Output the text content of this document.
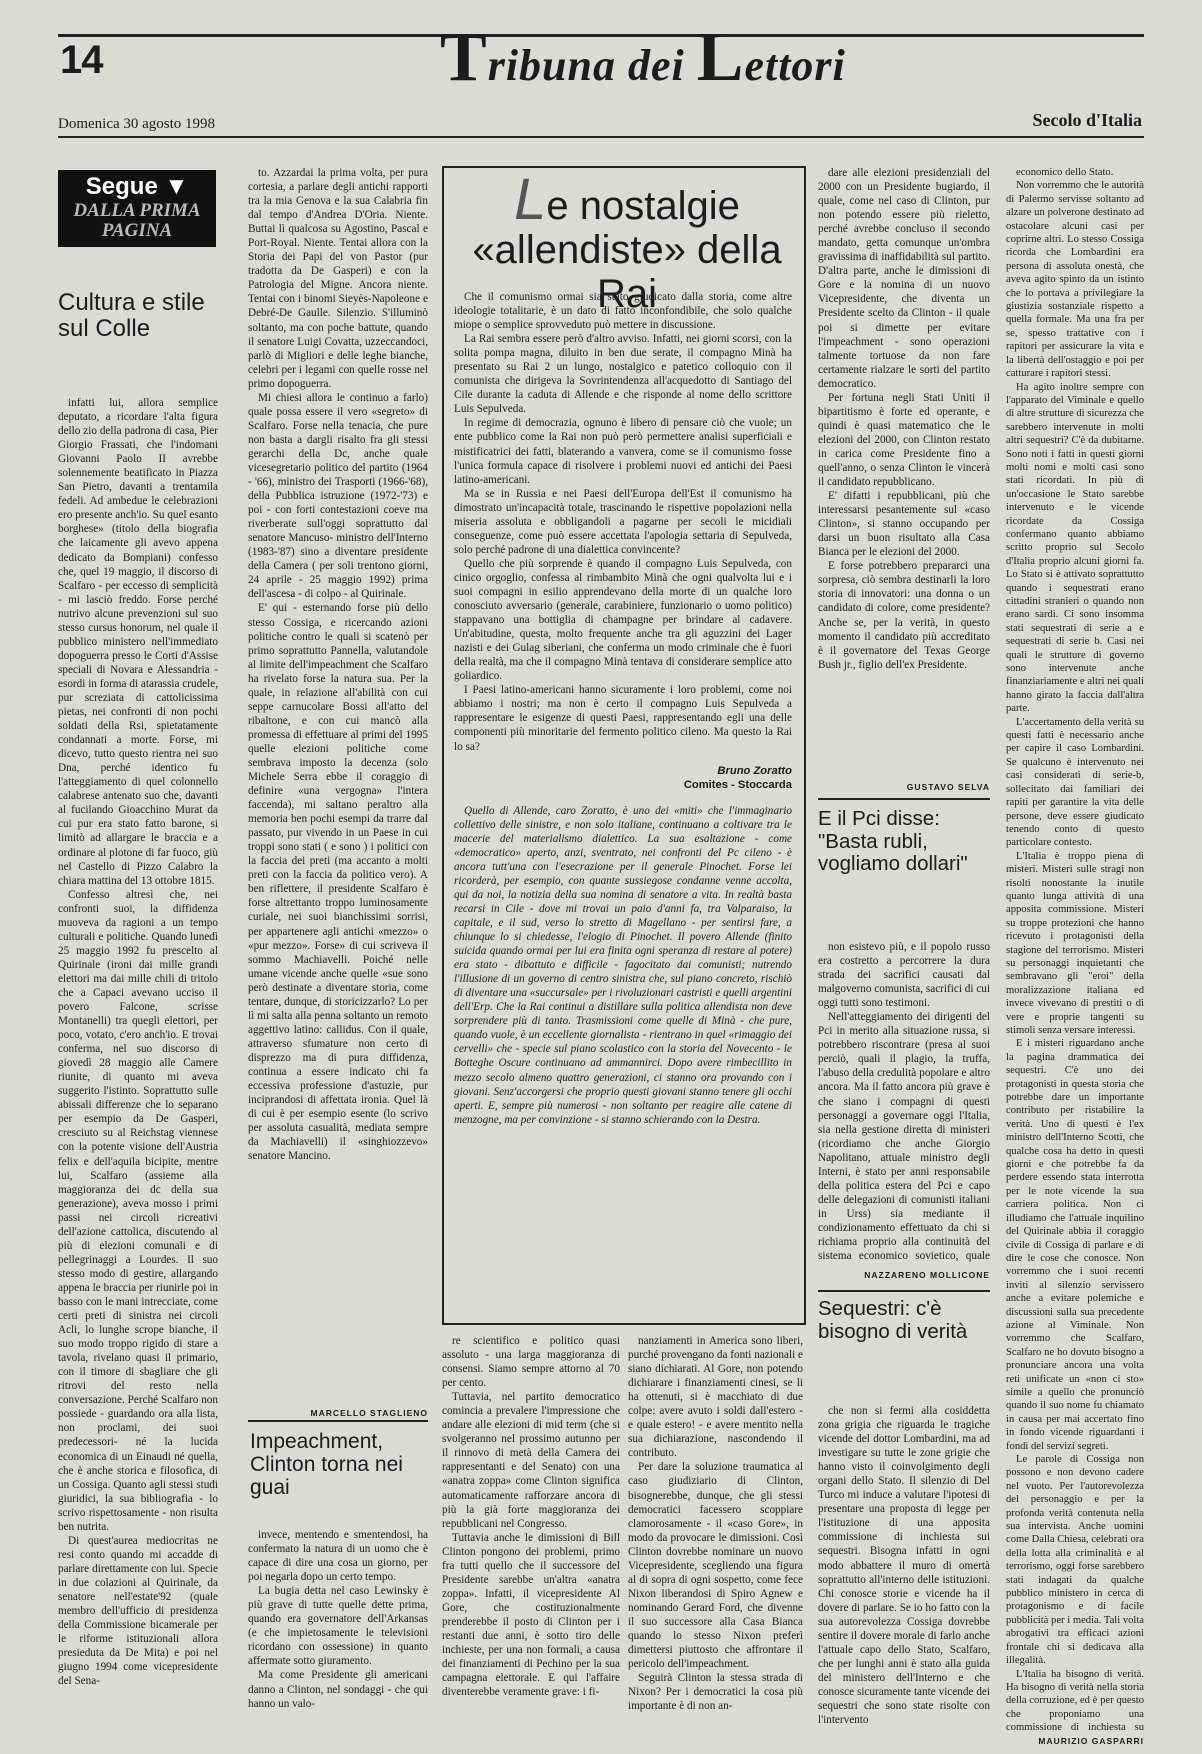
14	Tribuna dei Lettori
Domenica 30 agosto 1998	Secolo d'Italia
Segue ▼
DALLA PRIMA PAGINA
Cultura e stile sul Colle

infatti lui, allora semplice deputato, a ricordare l'alta figura dello zio della padrona di casa, Pier Giorgio Frassati, che l'indomani Giovanni Paolo II avrebbe solennemente beatificato in Piazza San Pietro, davanti a trentamila fedeli. Ad ambedue le celebrazioni ero presente anch'io. Su quel esanto borghese» (titolo della biografia che laicamente gli avevo appena dedicato da Bompiani) confesso che, quel 19 maggio, il discorso di Scalfaro - per eccesso di semplicità - mi lasciò freddo. Forse perché nutrivo alcune prevenzioni sul suo stesso cursus honorum, nel quale il pubblico ministero nell'immediato dopoguerra presso le Corti d'Assise speciali di Novara e Alessandria - esordi in forma di atarassia crudele, pur screziata di cattolicissima pietas, nei confronti di non pochi soldati della Rsi, spietatamente condannati a morte. Forse, mi dicevo, tutto questo rientra nei suo Dna, perché identico fu l'atteggiamento di quel colonnello calabrese antenato suo che, davanti al fucilando Gioacchino Murat da cui pur era stato fatto barone, si limitò ad allargare le braccia e a ordinare al plotone di far fuoco, giù nel Castello di Pizzo Calabro la chiara mattina del 13 ottobre 1815.

Confesso altresì che, nei confronti suoi, la diffidenza muoveva da ragioni a un tempo culturali e politiche. Quando lunedì 25 maggio 1992 fu prescelto al Quirinale (ironi dai mille grandi elettori ma dai mille chili di tritolo che a Capaci avevano ucciso il povero Falcone, scrisse Montanelli) tra quegli elettori, per poco, votato, c'ero anch'io. E trovai conferma, nel suo discorso di giovedì 28 maggio alle Camere riunite, di quanto mi aveva suggerito l'istinto. Soprattutto sulle abissali differenze che lo separano per esempio da De Gasperi, cresciuto su al Reichstag viennese con la potente visione dell'Austria felix e dell'aquila bicipite, mentre lui, Scalfaro (assieme alla maggioranza dei dc della sua generazione), aveva mosso i primi passi nei circoli ricreativi dell'azione cattolica, discutendo al più di elezioni comunali e di pellegrinaggi a Lourdes. Il suo stesso modo di gestire, allargando appena le braccia per riunirle poi in basso con le mani intrecciate, come certi preti di sinistra nei circoli Acli, lo lunghe scrope bianche, il suo modo troppo rigido di stare a tavola, rivelano quasi il primario, con il timore di sbagliare che gli ritrovi del resto nella conversazione. Perché Scalfaro non possiede - guardando ora alla lista, non proclami, dei suoi predecessori- né la lucida economica di un Einaudi né quella, che è anche storica e filosofica, di un Cossiga. Quanto agli stessi studi giuridici, la sua bibliografia - lo scrivo rispettosamente - non risulta ben nutrita.

Di quest'aurea mediocritas ne resi conto quando mi accadde di parlare direttamente con lui. Specie in due colazioni al Quirinale, da senatore nell'estate'92 (quale membro dell'ufficio di presidenza della Commissione bicamerale per le riforme istituzionali allora presieduta da De Mita) e poi nel giugno 1994 come vicepresidente del Sena-

to. Azzardai la prima volta, per pura cortesia, a parlare degli antichi rapporti tra la mia Genova e la sua Calabria fin dal tempo d'Andrea D'Oria. Niente. Buttai lì qualcosa su Agostino, Pascal e Port-Royal. Niente. Tentai allora con la Storia dei Papi del von Pastor (pur tradotta da De Gasperi) e con la Patrologia del Migne. Ancora niente. Tentai con i binomi Sieyès-Napoleone e Debré-De Gaulle. Silenzio. S'illuminò soltanto, ma con poche battute, quando il senatore Luigi Covatta, uzzeccandoci, parlò di Migliori e delle leghe bianche, celebri per i legami con quelle rosse nel primo dopoguerra.

Mi chiesi allora le continuo a farlo) quale possa essere il vero «segreto» di Scalfaro. Forse nella tenacia, che pure non basta a dargli risalto fra gli stessi gerarchi della Dc, anche quale vicesegretario politico del partito (1964 - '66), ministro dei Trasporti (1966-'68), della Pubblica istruzione (1972-'73) e poi - con forti contestazioni coeve ma riverberate sull'oggi soprattutto dal senatore Mancuso- ministro dell'Interno (1983-'87) sino a diventare presidente della Camera ( per soli trentono giorni, 24 aprile - 25 maggio 1992) prima dell'ascesa - di colpo - al Quirinale.

E' qui - esternando forse più dello stesso Cossiga, e ricercando azioni politiche contro le quali si scatenò per primo soprattutto Pannella, valutandole al limite dell'impeachment che Scalfaro ha rivelato forse la natura sua. Per la quale, in relazione all'abilità con cui seppe carnucolare Bossi all'atto del ribaltone, e con cui mancò alla promessa di effettuare al primi del 1995 quelle elezioni politiche come sembrava imposto la decenza (solo Michele Serra ebbe il coraggio di definire «una vergogna» l'intera faccenda), mi saltano peraltro alla memoria ben pochi esempi da trarre dal passato, pur vivendo in un Paese in cui troppi sono stati ( e sono ) i politici con la faccia dei preti (ma accanto a molti preti con la faccia da politico vero). A ben riflettere, il presidente Scalfaro è forse altrettanto troppo luminosamente curiale, nei suoi bianchissimi sorrisi, per appartenere agli antichi «mezzo» o «pur mezzo». Forse» di cui scriveva il sommo Machiavelli. Poiché nelle umane vicende anche quelle «sue sono però destinate a diventare storia, come tentare, dunque, di storicizzarlo? Lo per lì mi salta alla penna soltanto un remoto aggettivo latino: callidus. Con il quale, attraverso sfumature non certo di disprezzo ma di pura diffidenza, continua a essere indicato chi fa eccessiva professione d'astuzie, pur inciprandosi di affettata ironia. Quel là di cui è per esempio esente (lo scrivo per assoluta casualità, mediata sempre da Machiavelli) il «singhiozzevo» senatore Mancino.

MARCELLO STAGLIENO
Impeachment, Clinton torna nei guai

invece, mentendo e smentendosi, ha confermato la natura di un uomo che è capace di dire una cosa un giorno, per poi negarla dopo un certo tempo.

La bugia detta nel caso Lewinsky è più grave di tutte quelle dette prima, quando era governatore dell'Arkansas (e che impietosamente le televisioni ricordano con ossessione) in quanto affermate sotto giuramento.

Ma come Presidente gli americani danno a Clinton, nel sondaggi - che qui hanno un valo-

Le nostalgie «allendiste» della Rai

Che il comunismo ormai sia stato giudicato dalla storia, come altre ideologie totalitarie, è un dato di fatto inconfondibile, che solo qualche miope o semplice sprovveduto può mettere in discussione.

La Rai sembra essere però d'altro avviso. Infatti, nei giorni scorsi, con la solita pompa magna, diluito in ben due serate, il compagno Minà ha presentato su Rai 2 un lungo, nostalgico e patetico colloquio con il comunista che dirigeva la Sovrintendenza all'acquedotto di Santiago del Cile durante la caduta di Allende e che risponde al nome dello scrittore Luis Sepulveda.

In regime di democrazia, ognuno è libero di pensare ciò che vuole; un ente pubblico come la Rai non può però permettere analisi superficiali e mistificatrici dei fatti, blaterando a vanvera, come se il comunismo fosse l'unica formula capace di risolvere i problemi nuovi ed antichi dei Paesi latino-americani.

Ma se in Russia e nei Paesi dell'Europa dell'Est il comunismo ha dimostrato un'incapacità totale, trascinando le rispettive popolazioni nella miseria assoluta e obbligandoli a pagarne per secoli le micidiali conseguenze, come può essere accettata l'apologia settaria di Sepulveda, solo perché padrone di una dialettica convincente?

Quello che più sorprende è quando il compagno Luis Sepulveda, con cinico orgoglio, confessa al rimbambito Minà che ogni qualvolta lui e i suoi compagni in esilio apprendevano della morte di un qualche loro conosciuto avversario (generale, carabiniere, funzionario o uomo politico) stappavano una bottiglia di champagne per brindare al cadavere. Un'abitudine, questa, molto frequente anche tra gli aguzzini dei Lager nazisti e dei Gulag siberiani, che conferma un modo criminale che è fuori della realtà, ma che il compagno Minà tentava di considerare semplice atto goliardico.

I Paesi latino-americani hanno sicuramente i loro problemi, come noi abbiamo i nostri; ma non è certo il compagno Luis Sepulveda a rappresentare le esigenze di questi Paesi, rappresentando egli una delle componenti più minoritarie del fermento politico cileno. Ma questo la Rai lo sa?

Bruno Zoratto
Comites - Stoccarda

Quello di Allende, caro Zoratto, è uno dei «miti» che l'immaginario collettivo delle sinistre, e non solo italiane, continuano a coltivare tra le macerie del materialismo dialettico. La sua esaltazione - come «democratico» aperto, anzi, sventrato, nei confronti del Pc cileno - è ancora tutt'una con l'esecrazione per il generale Pinochet. Forse lei ricorderà, per esempio, con quante sussiegose condanne venne accolta, qui da noi, la notizia della sua nomina di senatore a vita. In realtà basta recarsi in Cile - dove mi trovai un paio d'anni fa, tra Valparaiso, la capitale, e il sud, verso lo stretto di Magellano - per sentirsi fare, a chiunque lo si chiedesse, l'elogio di Pinochet. Il povero Allende (finito suicida quando ormai per lui era finita ogni speranza di restare al potere) era stato - dibattuto e difficile - fagocitato dai comunisti; nutrendo l'illusione di un governo di centro sinistra che, sul piano concreto, rischiò di diventare una «succursale» per i rivoluzionari castristi e quelli argentini dell'Erp. Che la Rai continui a distillare sulla politica allendista non deve sorprendere più di tanto. Trasmissioni come quelle di Minà - che pure, quando vuole, è un eccellente giornalista - rientrano in quel «rimaggio dei cervelli» che - specie sul piano scolastico con la storia del Novecento - le Botteghe Oscure continuano ad ammannirci. Dopo avere rimbecillito in mezzo secolo almeno quattro generazioni, ci stanno ora provando con i giovani. Senz'accorgersi che proprio questi giovani stanno tenere gli occhi aperti. E, sempre più numerosi - non soltanto per reagire alle catene di menzogne, ma per convinzione - si stanno schierando con la Destra.

re scientifico e politico quasi assoluto - una larga maggioranza di consensi. Siamo sempre attorno al 70 per cento.

Tuttavia, nel partito democratico comincia a prevalere l'impressione che andare alle elezioni di mid term (che si svolgeranno nel prossimo autunno per il rinnovo di metà della Camera dei rappresentanti e del Senato) con una «anatra zoppa» come Clinton significa automaticamente rafforzare ancora di più la già forte maggioranza dei repubblicani nel Congresso.

Tuttavia anche le dimissioni di Bill Clinton pongono dei problemi, primo fra tutti quello che il successore del Presidente sarebbe un'altra «anatra zoppa». Infatti, il vicepresidente Al Gore, che costituzionalmente prenderebbe il posto di Clinton per i restanti due anni, è sotto tiro delle inchieste, per una non formali, a causa dei finanziamenti di Pechino per la sua campagna elettorale. E qui l'affaire diventerebbe veramente grave: i fi-

nanziamenti in America sono liberi, purché provengano da fonti nazionali e siano dichiarati. Al Gore, non potendo dichiarare i finanziamenti cinesi, se li ha ottenuti, si è macchiato di due colpe: avere avuto i soldi dall'estero - e quale estero! - e avere mentito nella sua dichiarazione, nascondendo il contributo.

Per dare la soluzione traumatica al caso giudiziario di Clinton, bisognerebbe, dunque, che gli stessi democratici facessero scoppiare clamorosamente - il «caso Gore», in modo da provocare le dimissioni. Così Clinton dovrebbe nominare un nuovo Vicepresidente, scegliendo una figura al di sopra di ogni sospetto, come fece Nixon liberandosi di Spiro Agnew e nominando Gerard Ford, che divenne il suo successore alla Casa Bianca quando lo stesso Nixon preferì dimettersi piuttosto che affrontare il pericolo dell'impeachment.

Seguirà Clinton la stessa strada di Nixon? Per i democratici la cosa più importante è di non an-

dare alle elezioni presidenziali del 2000 con un Presidente bugiardo, il quale, come nel caso di Clinton, pur non potendo essere più rieletto, perché avrebbe concluso il secondo mandato, getta comunque un'ombra gravissima di inaffidabilità sul partito. D'altra parte, anche le dimissioni di Gore e la nomina di un nuovo Vicepresidente, che diventa un Presidente scelto da Clinton - il quale poi si dimette per evitare l'impeachment - sono operazioni talmente tortuose da non fare certamente rialzare le sorti del partito democratico.

Per fortuna negli Stati Uniti il bipartitismo è forte ed operante, e quindi è quasi matematico che le elezioni del 2000, con Clinton restato in carica come Presidente fino a quell'anno, o senza Clinton le vincerà il candidato repubblicano.

E' difatti i repubblicani, più che interessarsi pesantemente sul «caso Clinton», si stanno occupando per darsi un buon risultato alla Casa Bianca per le elezioni del 2000.

E forse potrebbero prepararci una sorpresa, ciò sembra destinarli la loro storia di innovatori: una donna o un candidato di colore, come presidente? Anche se, per la verità, in questo momento il candidato più accreditato è il governatore del Texas George Bush jr., figlio dell'ex Presidente.

GUSTAVO SELVA
E il Pci disse: "Basta rubli, vogliamo dollari"

non esistevo più, e il popolo russo era costretto a percorrere la dura strada dei sacrifici causati dal malgoverno comunista, sacrifici di cui oggi tutti sono testimoni.

Nell'atteggiamento dei dirigenti del Pci in merito alla situazione russa, si potrebbero riscontrare (presa al suoi perciò, quali il plagio, la truffa, l'abuso della credulità popolare e altro ancora. Ma il fatto ancora più grave è che siano i compagni di questi personaggi a governare oggi l'Italia, sia nella gestione diretta di ministeri (ricordiamo che anche Giorgio Napolitano, attuale ministro degli Interni, è stato per anni responsabile della politica estera del Pci e capo delle delegazioni di comunisti italiani in Urss) sia mediante il condizionamento effettuato da chi si richiama proprio alla continuità del sistema economico sovietico, quale

NAZZARENO MOLLICONE
Sequestri: c'è bisogno di verità

che non si fermi alla cosiddetta zona grigia che riguarda le tragiche vicende del dottor Lombardini, ma ad investigare su tutte le zone grigie che hanno visto il coinvolgimento degli organi dello Stato. Il silenzio di Del Turco mi induce a valutare l'ipotesi di presentare una proposta di legge per l'istituzione di una apposita commissione di inchiesta sui sequestri. Bisogna infatti in ogni modo abbattere il muro di omertà soprattutto all'interno delle istituzioni. Chi conosce storie e vicende ha il dovere di parlare. Se io ho fatto con la sua autorevolezza Cossiga dovrebbe sentire il dovere morale di farlo anche l'attuale capo dello Stato, Scalfaro, che per lunghi anni è stato alla guida del ministero dell'Interno e che conosce sicuramente tante vicende dei sequestri che sono state risolte con l'intervento

economico dello Stato.

Non vorremmo che le autorità di Palermo servisse soltanto ad alzare un polverone destinato ad ostacolare alcuni casi per coprirne altri. Lo stesso Cossiga ricorda che Lombardini era persona di assoluta onestà, che aveva agito spinto da un istinto che lo portava a privilegiare la giustizia sostanziale rispetto a quella formale. Ma una fra per se, spesso trattative con i rapitori per assicurare la vita e la libertà dell'ostaggio e poi per catturare i rapitori stessi.

Ha agito inoltre sempre con l'apparato del Viminale e quello di altre strutture di sicurezza che sarebbero intervenute in molti altri sequestri? C'è da dubitarne. Sono noti i fatti in questi giorni molti nomi e molti casi sono stati ricordati. In più di un'occasione le Stato sarebbe intervenuto e le vicende ricordate da Cossiga confermano quanto abbiamo scritto proprio sul Secolo d'Italia proprio alcuni giorni fa. Lo Stato si è attivato soprattutto quando i sequestrati erano cittadini stranieri o quando non erano sardi. Ci sono insomma stati sequestrati di serie a e sequestrati di serie b. Casi nei quali le strutture di governo sono intervenute anche finanziariamente e altri nei quali hanno girato la faccia dall'altra parte.

L'accertamento della verità su questi fatti è necessario anche per capire il caso Lombardini. Se qualcuno è intervenuto nei casi considerati di serie-b, sollecitato dai familiari dei rapiti per garantire la vita delle persone, deve essere giudicato tenendo conto di questo particolare contesto.

L'Italia è troppo piena di misteri. Misteri sulle stragi non risolti nonostante la inutile quanto lunga attività di una apposita commissione. Misteri su troppe protezioni che hanno ricevuto i protagonisti della stagione del terrorismo. Misteri su personaggi inquietanti che sembravano gli "eroi" della moralizzazione italiana ed invece vivevano di prestiti o di vere e proprie tangenti su stimoli senza versare interessi.

E i misteri riguardano anche la pagina drammatica dei sequestri. C'è uno dei protagonisti in questa storia che potrebbe dare un importante contributo per ristabilire la verità. Uno di questi è l'ex ministro dell'Interno Scotti, che qualche cosa ha detto in questi giorni e che potrebbe fa da perdere essendo stata interrotta per le note vicende la sua carriera politica. Non ci illudiamo che l'attuale inquilino del Quirinale abbia il coraggio civile di Cossiga di parlare e di dire le cose che conosce. Non vorremmo che i suoi recenti inviti al silenzio servissero anche a evitare polemiche e discussioni sulla sua precedente azione al Viminale. Non vorremmo che Scalfaro, Scalfaro ne ho dovuto bisogno a pronunciare ancora una volta reti unificate un «non ci sto» simile a quello che pronunciò quando il suo nome fu chiamato in causa per mai accertato fino in fondo vicende riguardanti i fondi del servizi segreti.

Le parole di Cossiga non possono e non devono cadere nel vuoto. Per l'autorevolezza del personaggio e per la profonda verità contenuta nella sua intervista. Anche uomini come Dalla Chiesa, celebrati ora della lotta alla criminalità e al terrorismo, oggi forse sarebbero stati indagati da qualche pubblico ministero in cerca di protagonismo e di facile pubblicità per i media. Tali volta abrogativi tra efficaci azioni frontale chi si dedicava alla illegalità.

L'Italia ha bisogno di verità. Ha bisogno di verità nella storia della corruzione, ed è per questo che proponiamo una commissione di inchiesta su

MAURIZIO GASPARRI
